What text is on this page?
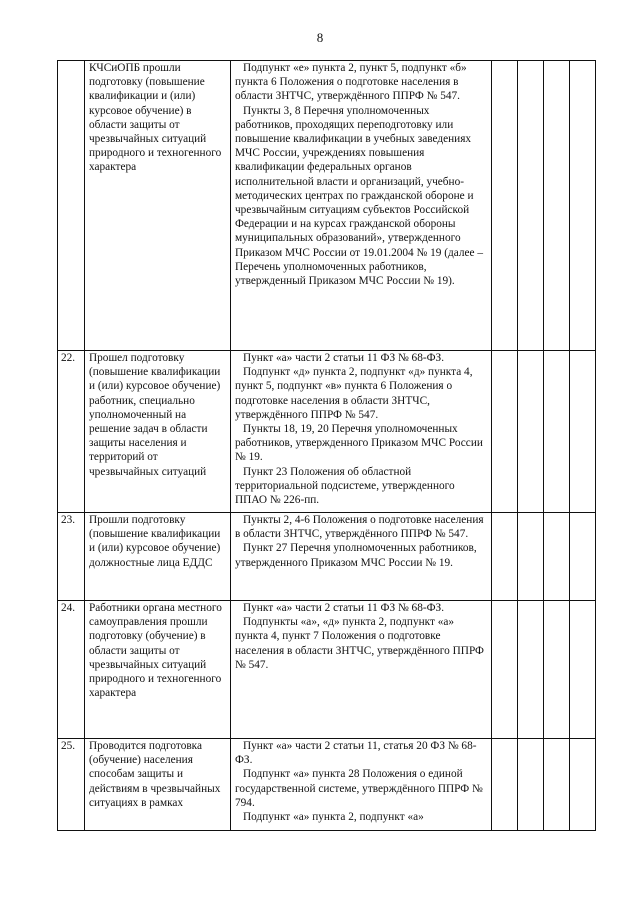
8

	КЧСиОПБ прошли подготовку (повышение квалификации и (или) курсовое обучение) в области защиты от чрезвычайных ситуаций природного и техногенного характера	Подпункт «е» пункта 2, пункт 5, подпункт «б» пункта 6 Положения о подготовке населения в области ЗНТЧС, утверждённого ППРФ № 547.

Пункты 3, 8 Перечня уполномоченных работников, проходящих переподготовку или повышение квалификации в учебных заведениях МЧС России, учреждениях повышения квалификации федеральных органов исполнительной власти и организаций, учебно-методических центрах по гражданской обороне и чрезвычайным ситуациям субъектов Российской Федерации и на курсах гражданской обороны муниципальных образований», утвержденного Приказом МЧС России от 19.01.2004 № 19 (далее – Перечень уполномоченных работников, утвержденный Приказом МЧС России № 19).				

22.	Прошел подготовку (повышение квалификации и (или) курсовое обучение) работник, специально уполномоченный на решение задач в области защиты населения и территорий от чрезвычайных ситуаций	Пункт «а» части 2 статьи 11 ФЗ № 68-ФЗ.

Подпункт «д» пункта 2, подпункт «д» пункта 4, пункт 5, подпункт «в» пункта 6 Положения о подготовке населения в области ЗНТЧС, утверждённого ППРФ № 547.

Пункты 18, 19, 20 Перечня уполномоченных работников, утвержденного Приказом МЧС России № 19.

Пункт 23 Положения об областной территориальной подсистеме, утвержденного ППАО № 226-пп.				

23.	Прошли подготовку (повышение квалификации и (или) курсовое обучение) должностные лица ЕДДС	Пункты 2, 4-6 Положения о подготовке населения в области ЗНТЧС, утверждённого ППРФ № 547.

Пункт 27 Перечня уполномоченных работников, утвержденного Приказом МЧС России № 19.				

24.	Работники органа местного самоуправления прошли подготовку (обучение) в области защиты от чрезвычайных ситуаций природного и техногенного характера	Пункт «а» части 2 статьи 11 ФЗ № 68-ФЗ.

Подпункты «а», «д» пункта 2, подпункт «а» пункта 4, пункт 7 Положения о подготовке населения в области ЗНТЧС, утверждённого ППРФ № 547.				

25.	Проводится подготовка (обучение) населения способам защиты и действиям в чрезвычайных ситуациях в рамках	Пункт «а» части 2 статьи 11, статья 20 ФЗ № 68-ФЗ.

Подпункт «а» пункта 28 Положения о единой государственной системе, утверждённого ППРФ № 794.

Подпункт «а» пункта 2, подпункт «а»				
